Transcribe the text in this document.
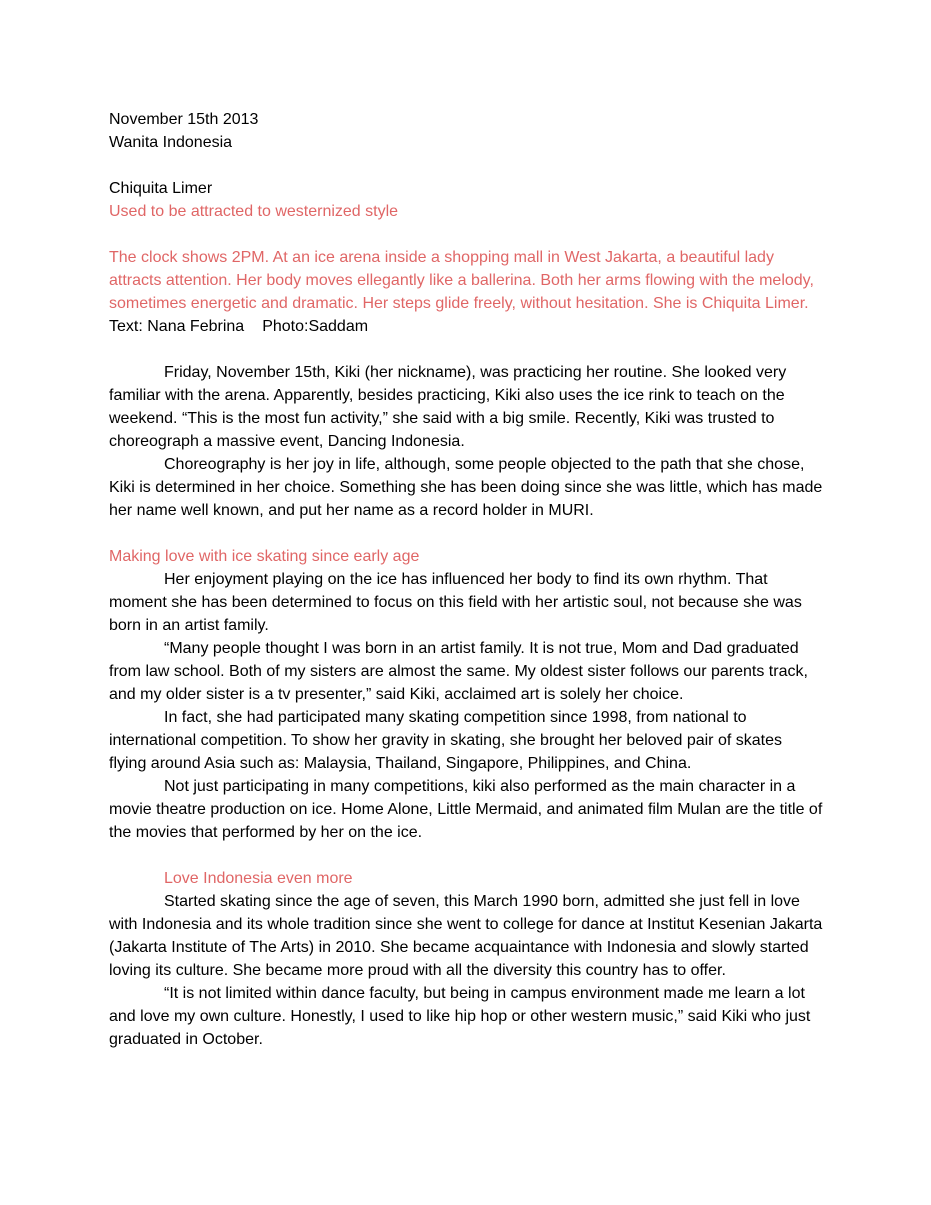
November 15th 2013
Wanita Indonesia
Chiquita Limer
Used to be attracted to westernized style
The clock shows 2PM. At an ice arena inside a shopping mall in West Jakarta, a beautiful lady attracts attention. Her body moves ellegantly like a ballerina. Both her arms flowing with the melody, sometimes energetic and dramatic. Her steps glide freely, without hesitation. She is Chiquita Limer.
Text: Nana Febrina Photo:Saddam
Friday, November 15th, Kiki (her nickname), was practicing her routine. She looked very familiar with the arena. Apparently, besides practicing, Kiki also uses the ice rink to teach on the weekend. “This is the most fun activity,” she said with a big smile. Recently, Kiki was trusted to choreograph a massive event, Dancing Indonesia.
Choreography is her joy in life, although, some people objected to the path that she chose, Kiki is determined in her choice. Something she has been doing since she was little, which has made her name well known, and put her name as a record holder in MURI.
Making love with ice skating since early age
Her enjoyment playing on the ice has influenced her body to find its own rhythm. That moment she has been determined to focus on this field with her artistic soul, not because she was born in an artist family.
“Many people thought I was born in an artist family. It is not true, Mom and Dad graduated from law school. Both of my sisters are almost the same. My oldest sister follows our parents track, and my older sister is a tv presenter,” said Kiki, acclaimed art is solely her choice.
In fact, she had participated many skating competition since 1998, from national to international competition. To show her gravity in skating, she brought her beloved pair of skates flying around Asia such as: Malaysia, Thailand, Singapore, Philippines, and China.
Not just participating in many competitions, kiki also performed as the main character in a movie theatre production on ice. Home Alone, Little Mermaid, and animated film Mulan are the title of the movies that performed by her on the ice.
Love Indonesia even more
Started skating since the age of seven, this March 1990 born, admitted she just fell in love with Indonesia and its whole tradition since she went to college for dance at Institut Kesenian Jakarta (Jakarta Institute of The Arts) in 2010. She became acquaintance with Indonesia and slowly started loving its culture. She became more proud with all the diversity this country has to offer.
“It is not limited within dance faculty, but being in campus environment made me learn a lot and love my own culture. Honestly, I used to like hip hop or other western music,” said Kiki who just graduated in October.
